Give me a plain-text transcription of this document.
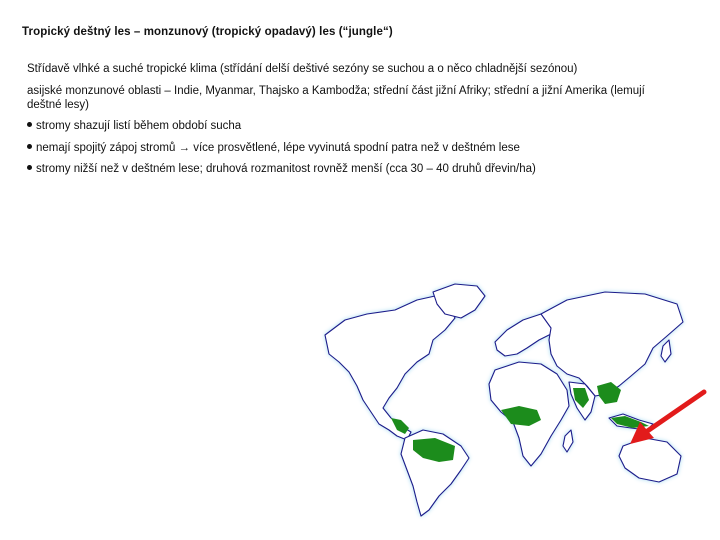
Tropický deštný les – monzunový (tropický opadavý) les (“jungle“)
Střídavě vlhké a suché tropické klima (střídání delší deštivé sezóny se suchou a o něco chladnější sezónou)
asijské monzunové oblasti – Indie, Myanmar, Thajsko a Kambodža; střední část jižní Afriky; střední a jižní Amerika (lemují
deštné lesy)
stromy shazují listí během období sucha
nemají spojitý zápoj stromů → více prosvětlené, lépe vyvinutá spodní patra než v deštném lese
stromy nižší než v deštném lese; druhová rozmanitost rovněž menší (cca 30 – 40 druhů dřevin/ha)
